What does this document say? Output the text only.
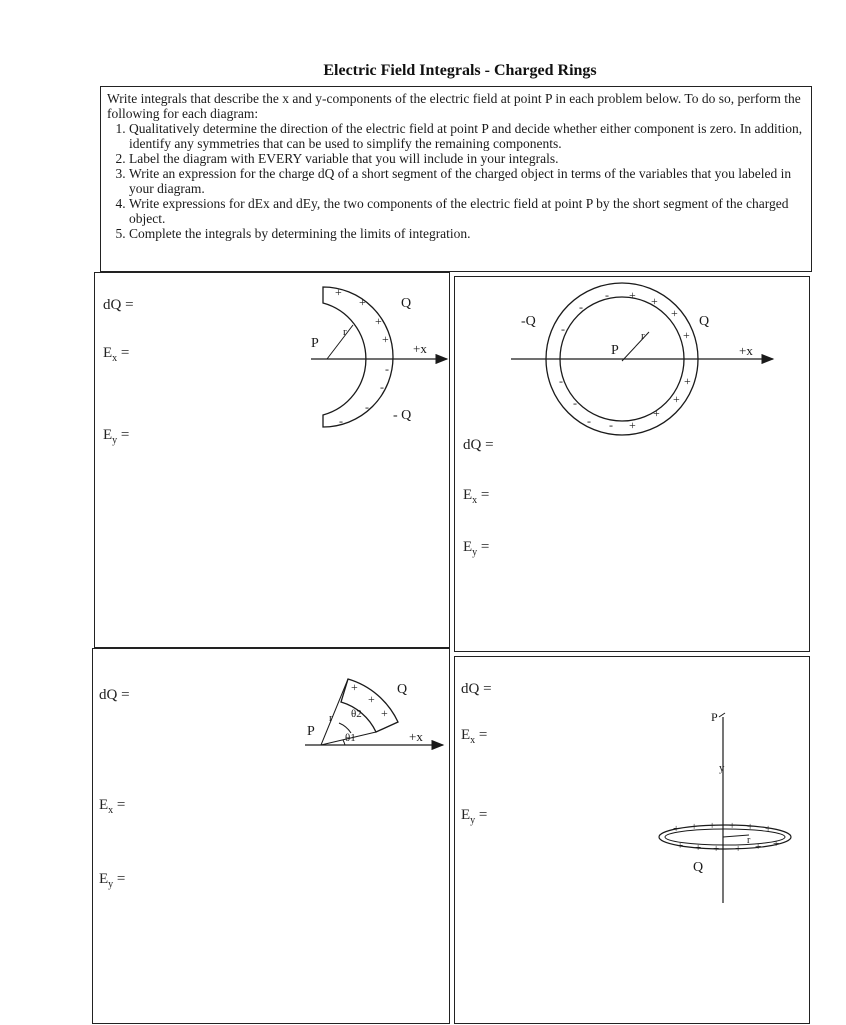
Electric Field Integrals - Charged Rings

Write integrals that describe the x and y-components of the electric field at point P in each problem below. To do so, perform the following for each diagram:

1. Qualitatively determine the direction of the electric field at point P and decide whether either component is zero. In addition, identify any symmetries that can be used to simplify the remaining components.
2. Label the diagram with EVERY variable that you will include in your integrals.
3. Write an expression for the charge dQ of a short segment of the charged object in terms of the variables that you labeled in your diagram.
4. Write expressions for dEx and dEy, the two components of the electric field at point P by the short segment of the charged object.
5. Complete the integrals by determining the limits of integration.
dQ =
$E_x$ =
$E_y$ =
P
r
+x
Q
- Q
+
+
+
+
-
-
-
-
dQ =
$E_x$ =
$E_y$ =
P
r
+x
-Q	Q
+ +
+
+
+
+
+
+
-
-
-
-
-
- -
dQ =
$E_x$ =
$E_y$ =
P
r
θ1
θ2
+x
Q
+
+
+
dQ =
$E_x$ =
$E_y$ =
P
y
r
Q
+ + + + + +
+ + + + + +
